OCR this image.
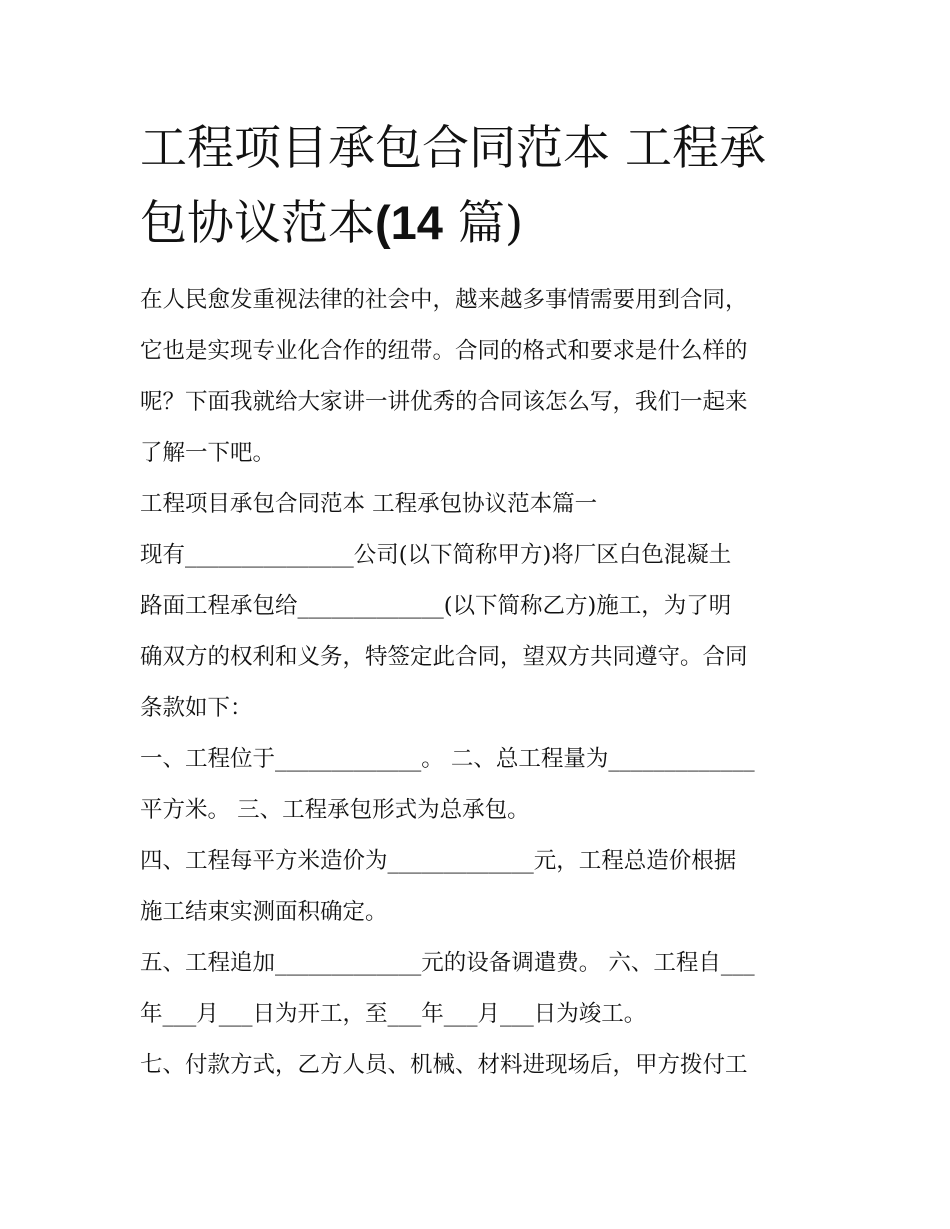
工程项目承包合同范本 工程承
包协议范本(14 篇)
在人民愈发重视法律的社会中，越来越多事情需要用到合同，
它也是实现专业化合作的纽带。合同的格式和要求是什么样的
呢？下面我就给大家讲一讲优秀的合同该怎么写，我们一起来
了解一下吧。
工程项目承包合同范本 工程承包协议范本篇一
现有_______________公司(以下简称甲方)将厂区白色混凝土
路面工程承包给_____________(以下简称乙方)施工，为了明
确双方的权利和义务，特签定此合同，望双方共同遵守。合同
条款如下：
一、工程位于_____________。 二、总工程量为_____________
平方米。 三、工程承包形式为总承包。
四、工程每平方米造价为_____________元，工程总造价根据
施工结束实测面积确定。
五、工程追加_____________元的设备调遣费。 六、工程自___
年___月___日为开工，至___年___月___日为竣工。
七、付款方式，乙方人员、机械、材料进现场后，甲方拨付工
